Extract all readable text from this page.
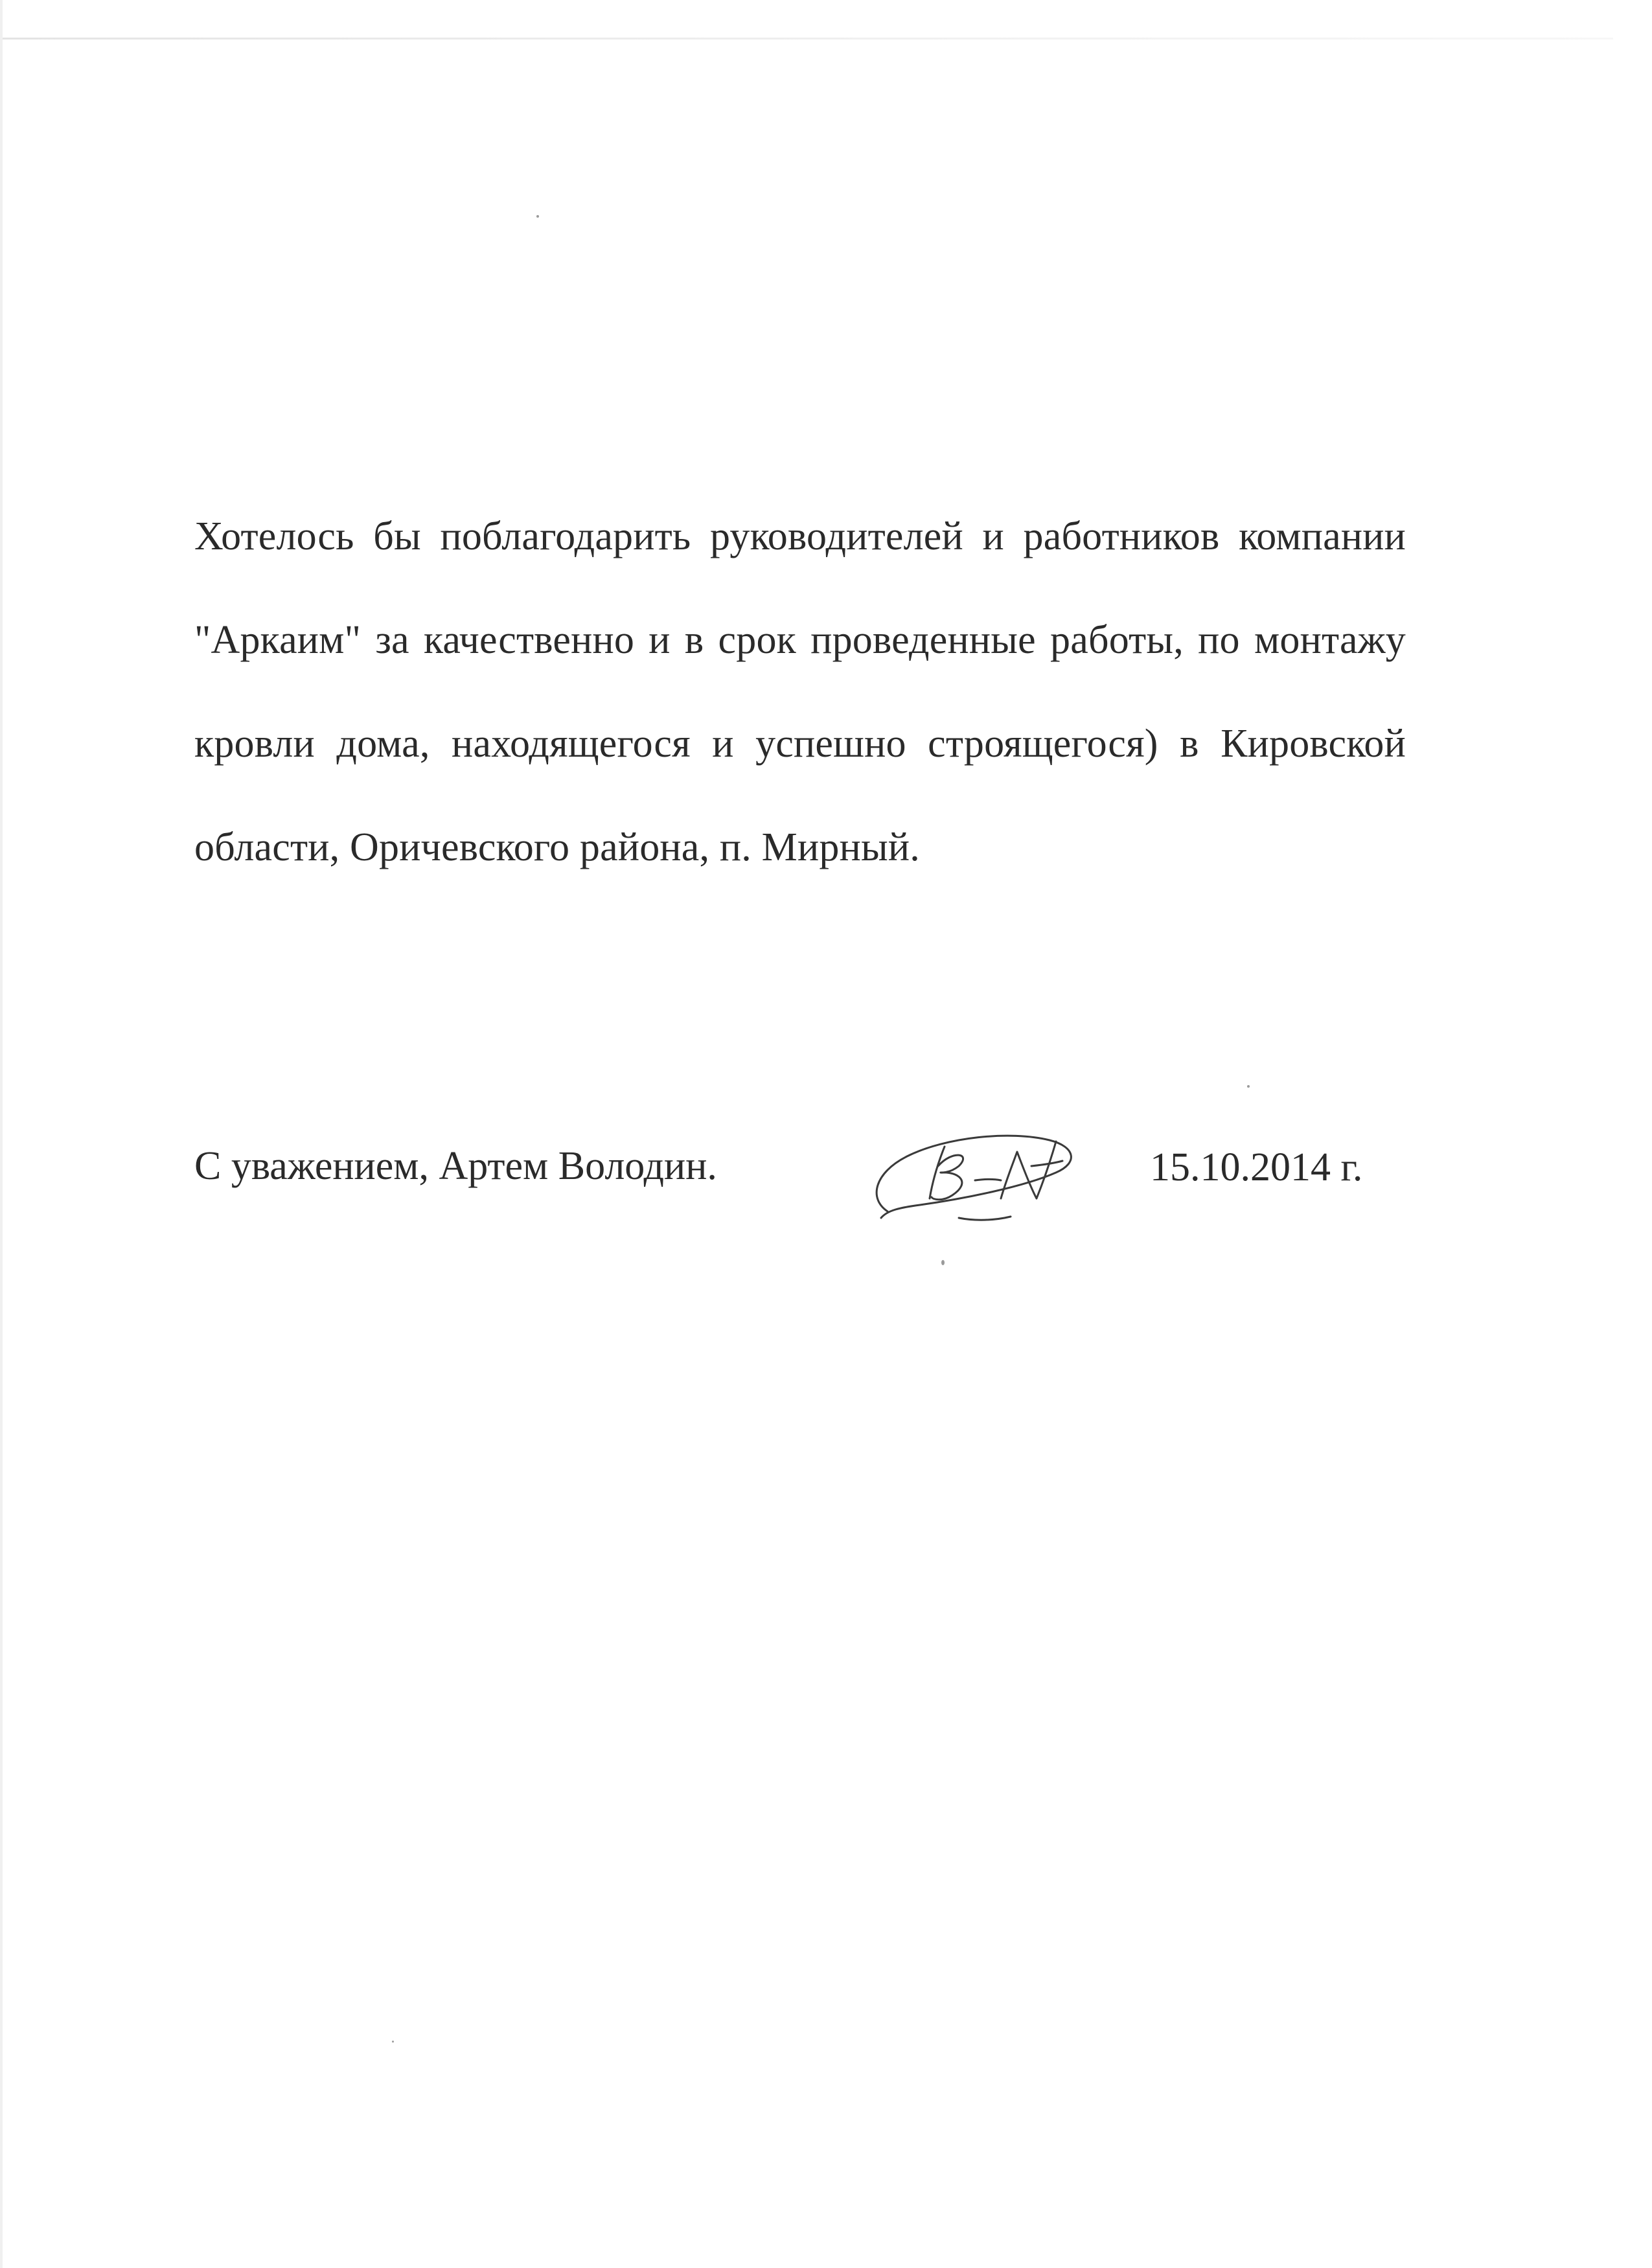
Хотелось бы поблагодарить руководителей и работников компании "Аркаим" за качественно и в срок проведенные работы, по монтажу кровли дома, находящегося и успешно строящегося) в Кировской области, Оричевского района, п. Мирный.

С уважением, Артем Володин.	15.10.2014 г.
